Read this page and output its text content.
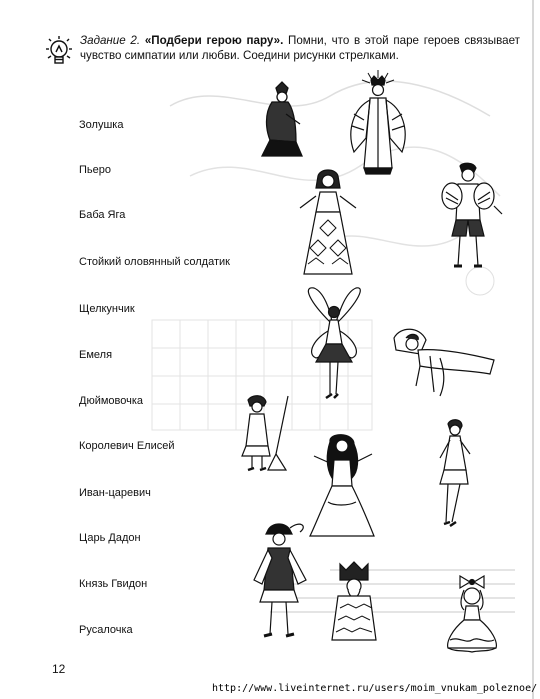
Задание 2. «Подбери герою пару». Помни, что в этой паре героев связывает чувство симпатии или любви. Соедини рисунки стрелками.
Золушка
Пьеро
Баба Яга
Стойкий оловянный солдатик
Щелкунчик
Емеля
Дюймовочка
Королевич Елисей
Иван-царевич
Царь Дадон
Князь Гвидон
Русалочка
12
http://www.liveinternet.ru/users/moim_vnukam_poleznoe/
